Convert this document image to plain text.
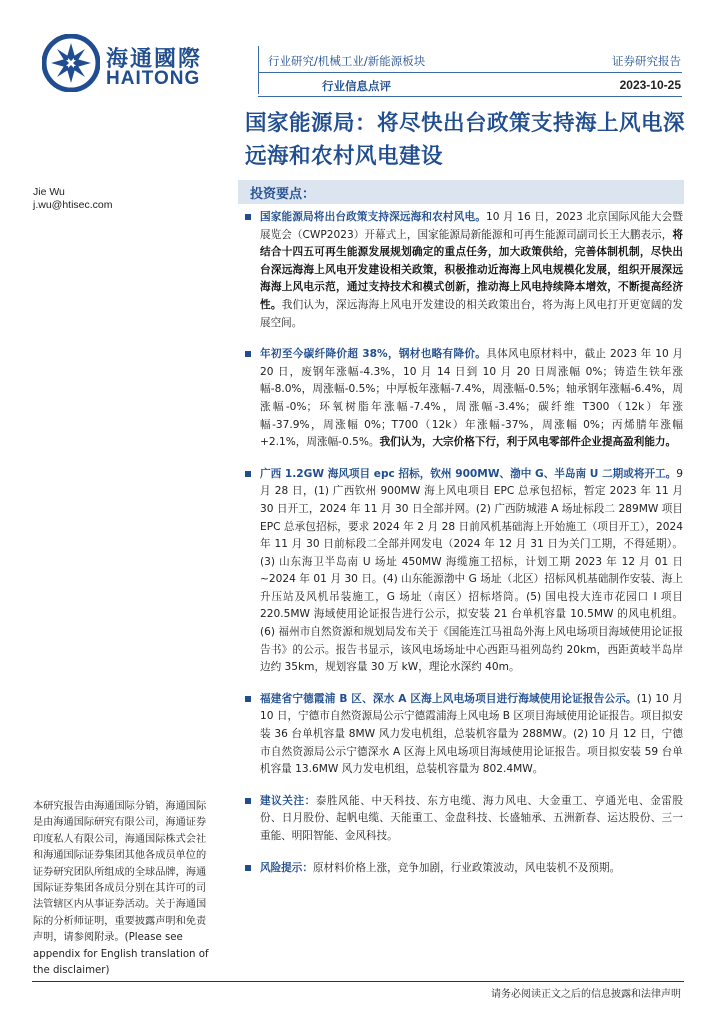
海通國際
HAITONG
行业研究/机械工业/新能源板块
行业信息点评
证券研究报告
2023-10-25
国家能源局：将尽快出台政策支持海上风电深远海和农村风电建设
Jie Wu
j.wu@htisec.com
投资要点：
国家能源局将出台政策支持深远海和农村风电。10 月 16 日，2023 北京国际风能大会暨展览会（CWP2023）开幕式上，国家能源局新能源和可再生能源司副司长王大鹏表示，将结合十四五可再生能源发展规划确定的重点任务，加大政策供给，完善体制机制，尽快出台深远海海上风电开发建设相关政策，积极推动近海海上风电规模化发展，组织开展深远海海上风电示范，通过支持技术和模式创新，推动海上风电持续降本增效，不断提高经济性。我们认为，深远海海上风电开发建设的相关政策出台，将为海上风电打开更宽阔的发展空间。
年初至今碳纤降价超 38%，钢材也略有降价。具体风电原材料中，截止 2023 年 10 月 20 日，废钢年涨幅-4.3%，10 月 14 日到 10 月 20 日周涨幅 0%；铸造生铁年涨幅-8.0%，周涨幅-0.5%；中厚板年涨幅-7.4%，周涨幅-0.5%；轴承钢年涨幅-6.4%，周涨幅-0%；环氧树脂年涨幅-7.4%，周涨幅-3.4%；碳纤维 T300（12k）年涨幅-37.9%，周涨幅 0%；T700（12k）年涨幅-37%，周涨幅 0%；丙烯腈年涨幅+2.1%，周涨幅-0.5%。我们认为，大宗价格下行，利于风电零部件企业提高盈利能力。
广西 1.2GW 海风项目 epc 招标，钦州 900MW、渤中 G、半岛南 U 二期或将开工。9 月 28 日，(1) 广西钦州 900MW 海上风电项目 EPC 总承包招标，暂定 2023 年 11 月 30 日开工，2024 年 11 月 30 日全部并网。(2) 广西防城港 A 场址标段二 289MW 项目 EPC 总承包招标，要求 2024 年 2 月 28 日前风机基础海上开始施工（项目开工），2024 年 11 月 30 日前标段二全部并网发电（2024 年 12 月 31 日为关门工期，不得延期）。(3) 山东海卫半岛南 U 场址 450MW 海缆施工招标，计划工期 2023 年 12 月 01 日~2024 年 01 月 30 日。(4) 山东能源渤中 G 场址（北区）招标风机基础制作安装、海上升压站及风机吊装施工，G 场址（南区）招标塔筒。(5) 国电投大连市花园口 I 项目 220.5MW 海域使用论证报告进行公示，拟安装 21 台单机容量 10.5MW 的风电机组。(6) 福州市自然资源和规划局发布关于《国能连江马祖岛外海上风电场项目海域使用论证报告书》的公示。报告书显示，该风电场场址中心西距马祖列岛约 20km，西距黄岐半岛岸边约 35km，规划容量 30 万 kW，理论水深约 40m。
福建省宁德霞浦 B 区、深水 A 区海上风电场项目进行海域使用论证报告公示。(1) 10 月 10 日，宁德市自然资源局公示宁德霞浦海上风电场 B 区项目海域使用论证报告。项目拟安装 36 台单机容量 8MW 风力发电机组，总装机容量为 288MW。(2) 10 月 12 日，宁德市自然资源局公示宁德深水 A 区海上风电场项目海域使用论证报告。项目拟安装 59 台单机容量 13.6MW 风力发电机组，总装机容量为 802.4MW。
建议关注：泰胜风能、中天科技、东方电缆、海力风电、大金重工、亨通光电、金雷股份、日月股份、起帆电缆、天能重工、金盘科技、长盛轴承、五洲新春、运达股份、三一重能、明阳智能、金风科技。
风险提示：原材料价格上涨，竞争加剧，行业政策波动，风电装机不及预期。
本研究报告由海通国际分销，海通国际是由海通国际研究有限公司，海通证券印度私人有限公司，海通国际株式会社和海通国际证券集团其他各成员单位的证券研究团队所组成的全球品牌，海通国际证券集团各成员分别在其许可的司法管辖区内从事证券活动。关于海通国际的分析师证明，重要披露声明和免责声明，请参阅附录。(Please see appendix for English translation of the disclaimer)
请务必阅读正文之后的信息披露和法律声明
